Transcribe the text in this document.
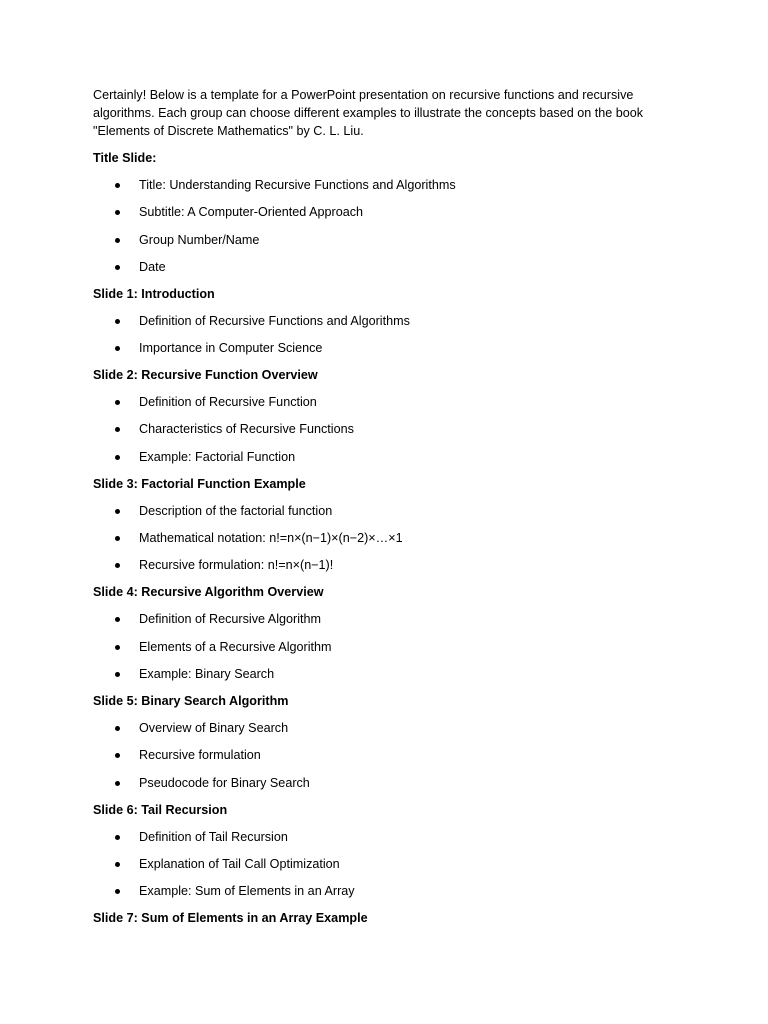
Certainly! Below is a template for a PowerPoint presentation on recursive functions and recursive algorithms. Each group can choose different examples to illustrate the concepts based on the book "Elements of Discrete Mathematics" by C. L. Liu.

Title Slide:

Title: Understanding Recursive Functions and Algorithms
Subtitle: A Computer-Oriented Approach
Group Number/Name
Date

Slide 1: Introduction

Definition of Recursive Functions and Algorithms
Importance in Computer Science

Slide 2: Recursive Function Overview

Definition of Recursive Function
Characteristics of Recursive Functions
Example: Factorial Function

Slide 3: Factorial Function Example

Description of the factorial function
Mathematical notation: n!=n×(n−1)×(n−2)×…×1
Recursive formulation: n!=n×(n−1)!

Slide 4: Recursive Algorithm Overview

Definition of Recursive Algorithm
Elements of a Recursive Algorithm
Example: Binary Search

Slide 5: Binary Search Algorithm

Overview of Binary Search
Recursive formulation
Pseudocode for Binary Search

Slide 6: Tail Recursion

Definition of Tail Recursion
Explanation of Tail Call Optimization
Example: Sum of Elements in an Array

Slide 7: Sum of Elements in an Array Example
